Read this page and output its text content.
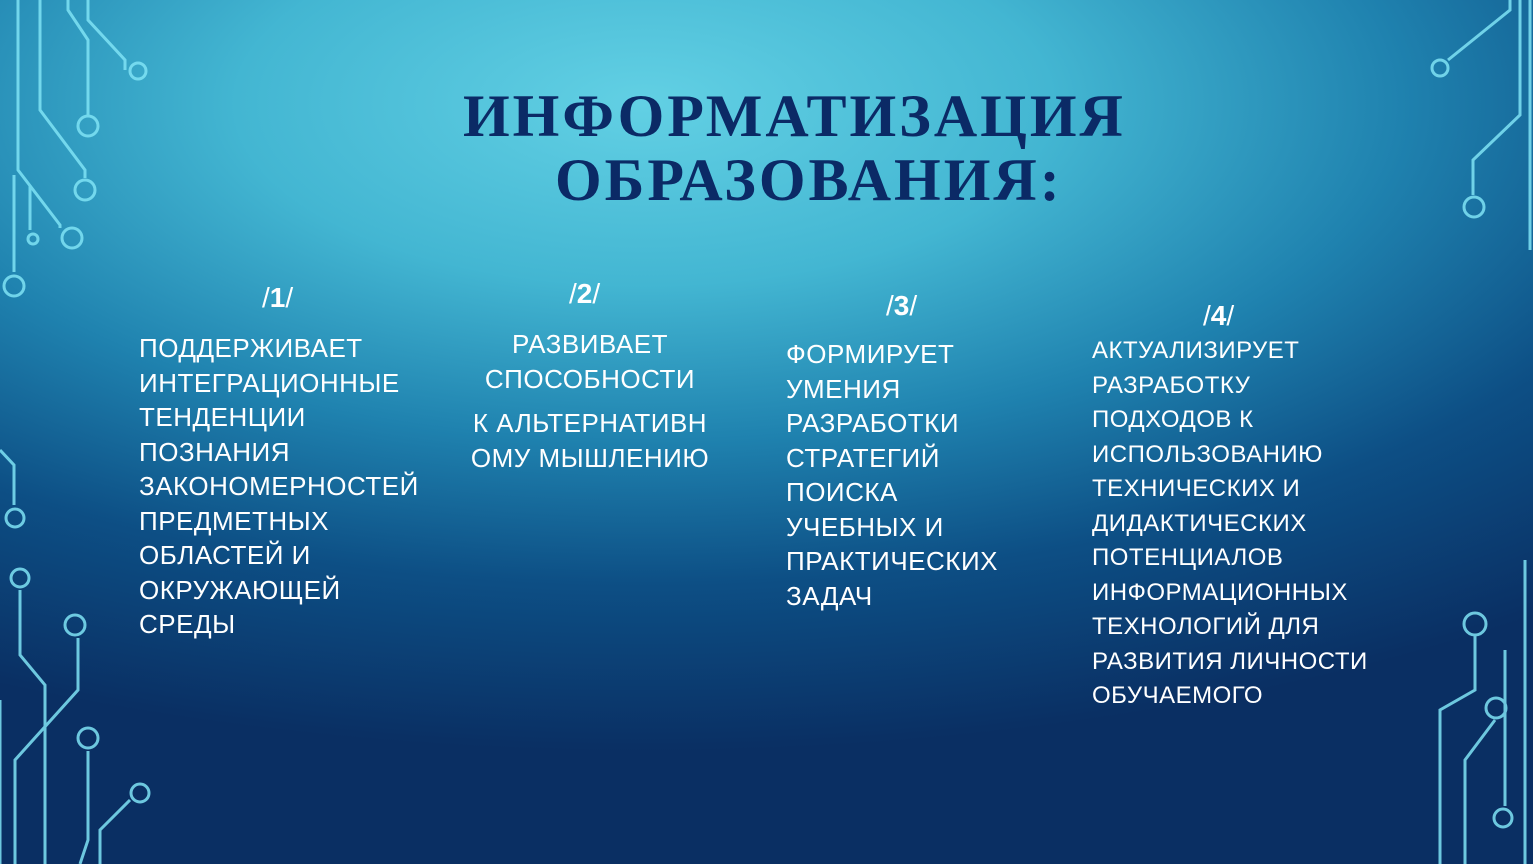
ИНФОРМАТИЗАЦИЯ
ОБРАЗОВАНИЯ:
/1/
ПОДДЕРЖИВАЕТ ИНТЕГРАЦИОННЫЕ ТЕНДЕНЦИИ ПОЗНАНИЯ ЗАКОНОМЕРНОСТЕЙ ПРЕДМЕТНЫХ ОБЛАСТЕЙ И ОКРУЖАЮЩЕЙ СРЕДЫ
/2/
РАЗВИВАЕТ СПОСОБНОСТИ
К АЛЬТЕРНАТИВНОМУ МЫШЛЕНИЮ
/3/
ФОРМИРУЕТ УМЕНИЯ РАЗРАБОТКИ СТРАТЕГИЙ ПОИСКА УЧЕБНЫХ И ПРАКТИЧЕСКИХ ЗАДАЧ
/4/
АКТУАЛИЗИРУЕТ РАЗРАБОТКУ ПОДХОДОВ К ИСПОЛЬЗОВАНИЮ ТЕХНИЧЕСКИХ И ДИДАКТИЧЕСКИХ ПОТЕНЦИАЛОВ ИНФОРМАЦИОННЫХ ТЕХНОЛОГИЙ ДЛЯ РАЗВИТИЯ ЛИЧНОСТИ ОБУЧАЕМОГО
